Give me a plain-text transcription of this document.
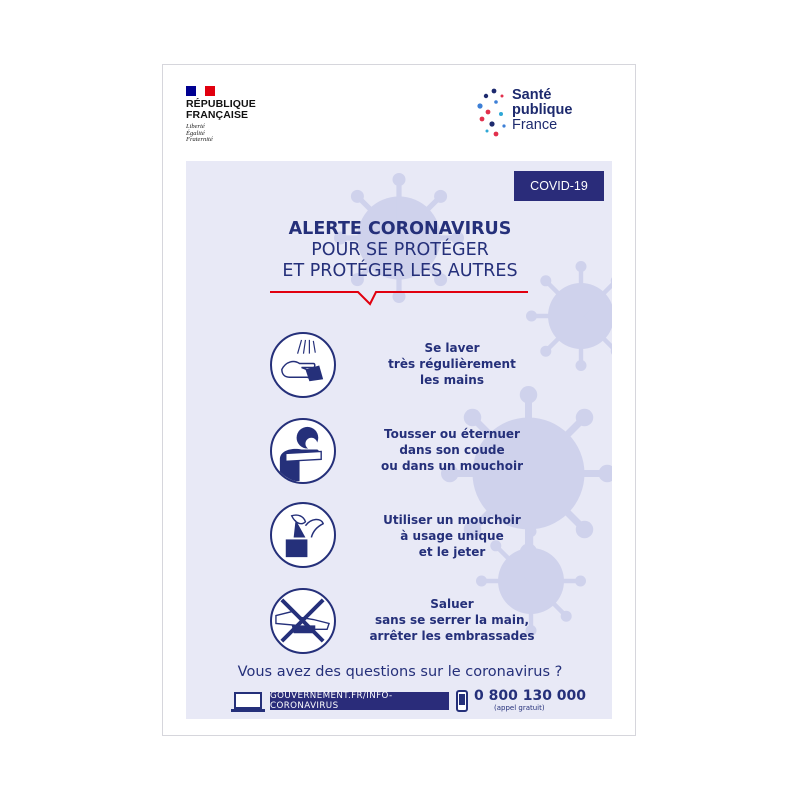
RÉPUBLIQUE
FRANÇAISE
Liberté
Égalité
Fraternité
Santé
publique
France
COVID-19
ALERTE CORONAVIRUS
POUR SE PROTÉGER
ET PROTÉGER LES AUTRES
Se laver
très régulièrement
les mains
Tousser ou éternuer
dans son coude
ou dans un mouchoir
Utiliser un mouchoir
à usage unique
et le jeter
Saluer
sans se serrer la main,
arrêter les embrassades
Vous avez des questions sur le coronavirus ?
GOUVERNEMENT.FR/INFO-CORONAVIRUS
0 800 130 000
(appel gratuit)
